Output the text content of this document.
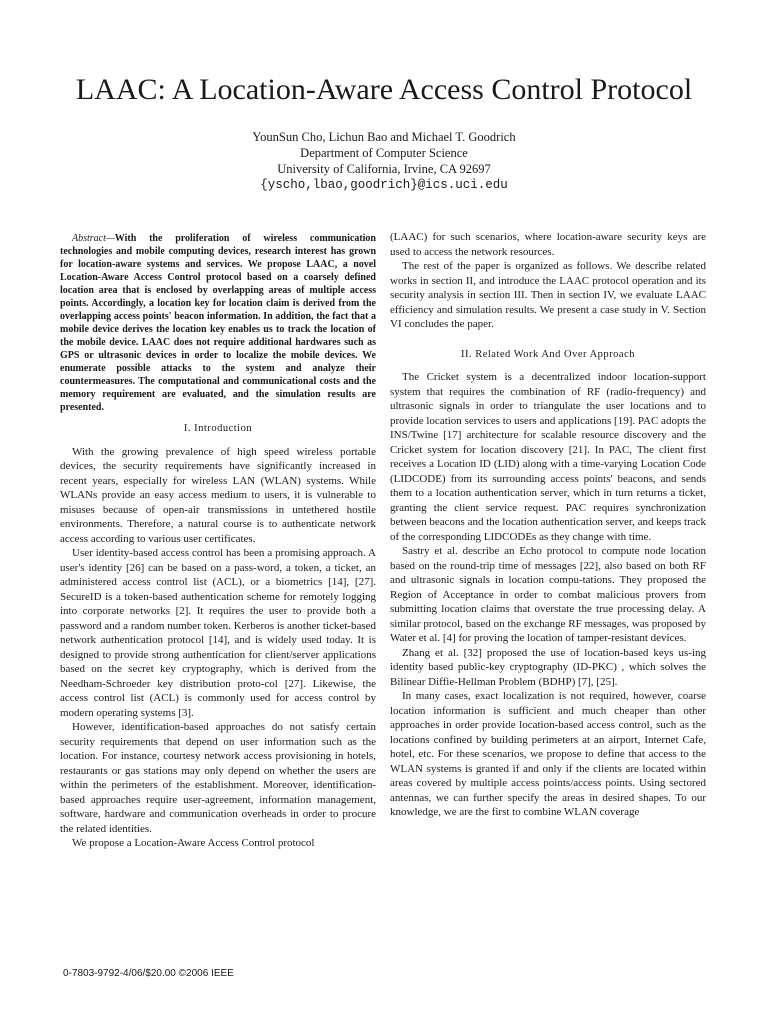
LAAC: A Location-Aware Access Control Protocol
YounSun Cho, Lichun Bao and Michael T. Goodrich
Department of Computer Science
University of California, Irvine, CA 92697
{yscho,lbao,goodrich}@ics.uci.edu

Abstract—With the proliferation of wireless communication technologies and mobile computing devices, research interest has grown for location-aware systems and services. We propose LAAC, a novel Location-Aware Access Control protocol based on a coarsely defined location area that is enclosed by overlapping areas of multiple access points. Accordingly, a location key for location claim is derived from the overlapping access points' beacon information. In addition, the fact that a mobile device derives the location key enables us to track the location of the mobile device. LAAC does not require additional hardwares such as GPS or ultrasonic devices in order to localize the mobile devices. We enumerate possible attacks to the system and analyze their countermeasures. The computational and communicational costs and the memory requirement are evaluated, and the simulation results are presented.

I. Introduction

With the growing prevalence of high speed wireless portable devices, the security requirements have significantly increased in recent years, especially for wireless LAN (WLAN) systems. While WLANs provide an easy access medium to users, it is vulnerable to misuses because of open-air transmissions in untethered hostile environments. Therefore, a natural course is to authenticate network access according to various user certificates.

User identity-based access control has been a promising approach. A user's identity [26] can be based on a pass-word, a token, a ticket, an administered access control list (ACL), or a biometrics [14], [27]. SecureID is a token-based authentication scheme for remotely logging into corporate networks [2]. It requires the user to provide both a password and a random number token. Kerberos is another ticket-based network authentication protocol [14], and is widely used today. It is designed to provide strong authentication for client/server applications based on the secret key cryptography, which is derived from the Needham-Schroeder key distribution proto-col [27]. Likewise, the access control list (ACL) is commonly used for access control by modern operating systems [3].

However, identification-based approaches do not satisfy certain security requirements that depend on user information such as the location. For instance, courtesy network access provisioning in hotels, restaurants or gas stations may only depend on whether the users are within the perimeters of the establishment. Moreover, identification-based approaches require user-agreement, information management, software, hardware and communication overheads in order to procure the related identities.

We propose a Location-Aware Access Control protocol

(LAAC) for such scenarios, where location-aware security keys are used to access the network resources.

The rest of the paper is organized as follows. We describe related works in section II, and introduce the LAAC protocol operation and its security analysis in section III. Then in section IV, we evaluate LAAC efficiency and simulation results. We present a case study in V. Section VI concludes the paper.

II. Related Work And Over Approach

The Cricket system is a decentralized indoor location-support system that requires the combination of RF (radio-frequency) and ultrasonic signals in order to triangulate the user locations and to provide location services to users and applications [19]. PAC adopts the INS/Twine [17] architecture for scalable resource discovery and the Cricket system for location discovery [21]. In PAC, The client first receives a Location ID (LID) along with a time-varying Location Code (LIDCODE) from its surrounding access points' beacons, and sends them to a location authentication server, which in turn returns a ticket, granting the client service request. PAC requires synchronization between beacons and the location authentication server, and keeps track of the corresponding LIDCODEs as they change with time.

Sastry et al. describe an Echo protocol to compute node location based on the round-trip time of messages [22], also based on both RF and ultrasonic signals in location compu-tations. They proposed the Region of Acceptance in order to combat malicious provers from submitting location claims that overstate the true processing delay. A similar protocol, based on the exchange RF messages, was proposed by Water et al. [4] for proving the location of tamper-resistant devices.

Zhang et al. [32] proposed the use of location-based keys us-ing identity based public-key cryptography (ID-PKC) , which solves the Bilinear Diffie-Hellman Problem (BDHP) [7], [25].

In many cases, exact localization is not required, however, coarse location information is sufficient and much cheaper than other approaches in order provide location-based access control, such as the locations confined by building perimeters at an airport, Internet Cafe, hotel, etc. For these scenarios, we propose to define that access to the WLAN systems is granted if and only if the clients are located within areas covered by multiple access points/access points. Using sectored antennas, we can further specify the areas in desired shapes. To our knowledge, we are the first to combine WLAN coverage

0-7803-9792-4/06/$20.00 ©2006 IEEE
